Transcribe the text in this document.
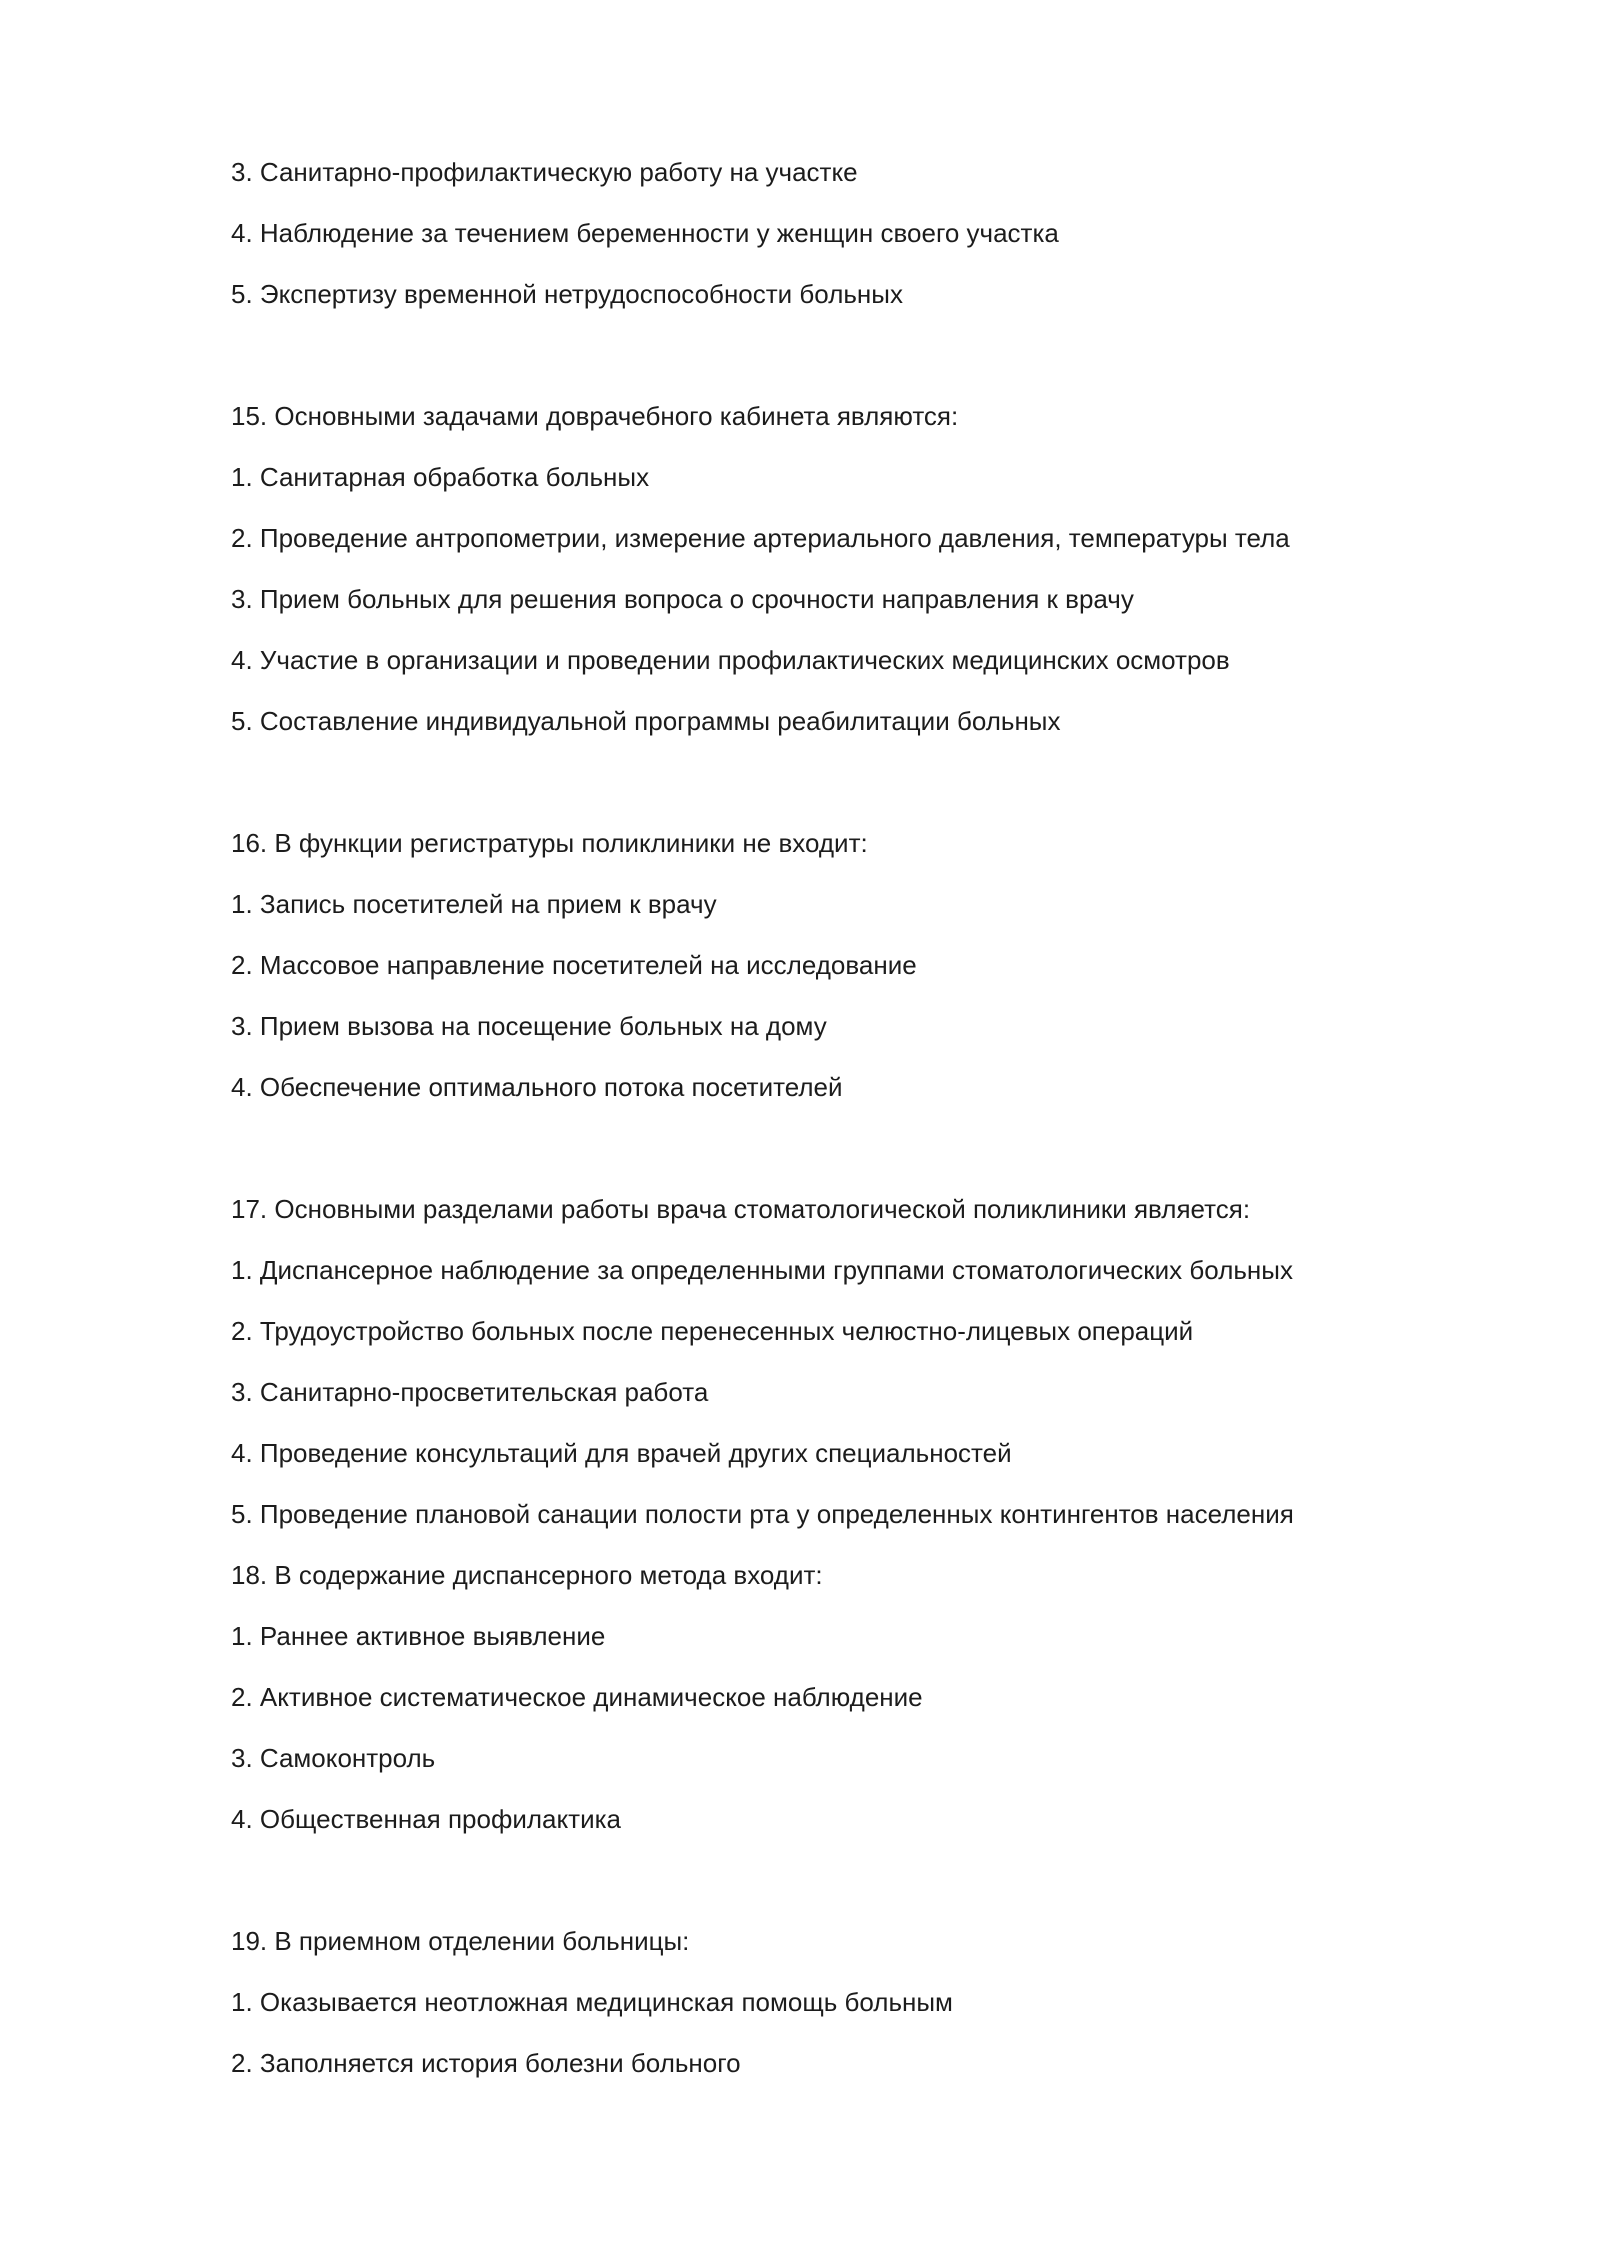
3. Санитарно-профилактическую работу на участке
4. Наблюдение за течением беременности у женщин своего участка
5. Экспертизу временной нетрудоспособности больных
15. Основными задачами доврачебного кабинета являются:
1. Санитарная обработка больных
2. Проведение антропометрии, измерение артериального давления, температуры тела
3. Прием больных для решения вопроса о срочности направления к врачу
4. Участие в организации и проведении профилактических медицинских осмотров
5. Составление индивидуальной программы реабилитации больных
16. В функции регистратуры поликлиники не входит:
1. Запись посетителей на прием к врачу
2. Массовое направление посетителей на исследование
3. Прием вызова на посещение больных на дому
4. Обеспечение оптимального потока посетителей
17. Основными разделами работы врача стоматологической поликлиники является:
1. Диспансерное наблюдение за определенными группами стоматологических больных
2. Трудоустройство больных после перенесенных челюстно-лицевых операций
3. Санитарно-просветительская работа
4. Проведение консультаций для врачей других специальностей
5. Проведение плановой санации полости рта у определенных контингентов населения
18. В содержание диспансерного метода входит:
1. Раннее активное выявление
2. Активное систематическое динамическое наблюдение
3. Самоконтроль
4. Общественная профилактика
19. В приемном отделении больницы:
1. Оказывается неотложная медицинская помощь больным
2. Заполняется история болезни больного
